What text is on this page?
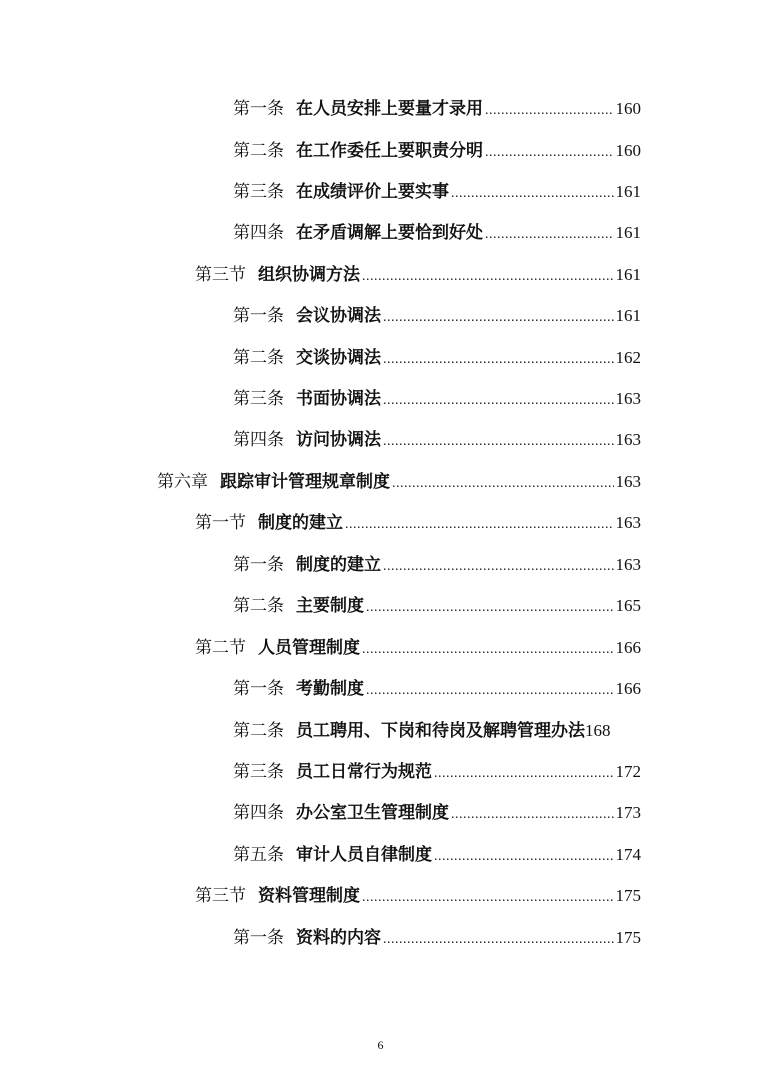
第一条 在人员安排上要量才录用 .....	160
第二条 在工作委任上要职责分明 .....	160
第三条 在成绩评价上要实事 .....	161
第四条 在矛盾调解上要恰到好处 .....	161
第三节 组织协调方法 .....	161
第一条 会议协调法 .....	161
第二条 交谈协调法 .....	162
第三条 书面协调法 .....	163
第四条 访问协调法 .....	163
第六章 跟踪审计管理规章制度 .....	163
第一节 制度的建立 .....	163
第一条 制度的建立 .....	163
第二条 主要制度 .....	165
第二节 人员管理制度 .....	166
第一条 考勤制度 .....	166
第二条 员工聘用、下岗和待岗及解聘管理办法 168
第三条 员工日常行为规范 .....	172
第四条 办公室卫生管理制度 .....	173
第五条 审计人员自律制度 .....	174
第三节 资料管理制度 .....	175
第一条 资料的内容 .....	175
6
